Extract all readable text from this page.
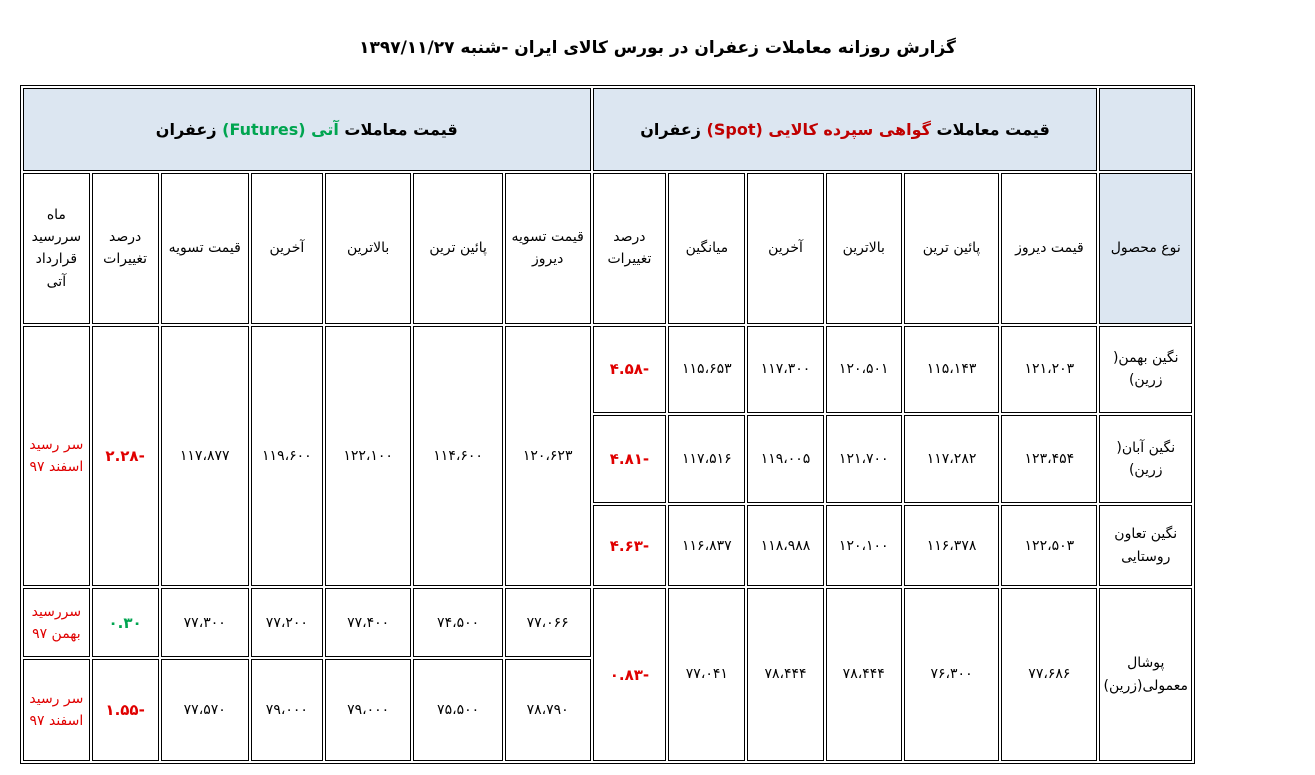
گزارش روزانه معاملات زعفران در بورس کالای ایران -شنبه ۱۳۹۷/۱۱/۲۷
	قیمت معاملات گواهی سپرده کالایی (Spot) زعفران						قیمت معاملات آتی (Futures) زعفران						
نوع محصول	قیمت دیروز	پائین ترین	بالاترین	آخرین	میانگین	درصد تغییرات	قیمت تسویه دیروز	پائین ترین	بالاترین	آخرین	قیمت تسویه	درصد تغییرات	ماه سررسید قرارداد آتی
نگین بهمن( زرین)	۱۲۱،۲۰۳	۱۱۵،۱۴۳	۱۲۰،۵۰۱	۱۱۷،۳۰۰	۱۱۵،۶۵۳	-۴.۵۸	۱۲۰،۶۲۳	۱۱۴،۶۰۰	۱۲۲،۱۰۰	۱۱۹،۶۰۰	۱۱۷،۸۷۷	-۲.۲۸	سر رسید اسفند ۹۷
نگین آبان( زرین)	۱۲۳،۴۵۴	۱۱۷،۲۸۲	۱۲۱،۷۰۰	۱۱۹،۰۰۵	۱۱۷،۵۱۶	-۴.۸۱							
نگین تعاون روستایی	۱۲۲،۵۰۳	۱۱۶،۳۷۸	۱۲۰،۱۰۰	۱۱۸،۹۸۸	۱۱۶،۸۳۷	-۴.۶۳							
پوشال معمولی(زرین)	۷۷،۶۸۶	۷۶،۳۰۰	۷۸،۴۴۴	۷۸،۴۴۴	۷۷،۰۴۱	-۰.۸۳	۷۷،۰۶۶	۷۴،۵۰۰	۷۷،۴۰۰	۷۷،۲۰۰	۷۷،۳۰۰	۰.۳۰	سررسید بهمن ۹۷
							۷۸،۷۹۰	۷۵،۵۰۰	۷۹،۰۰۰	۷۹،۰۰۰	۷۷،۵۷۰	-۱.۵۵	سر رسید اسفند ۹۷
